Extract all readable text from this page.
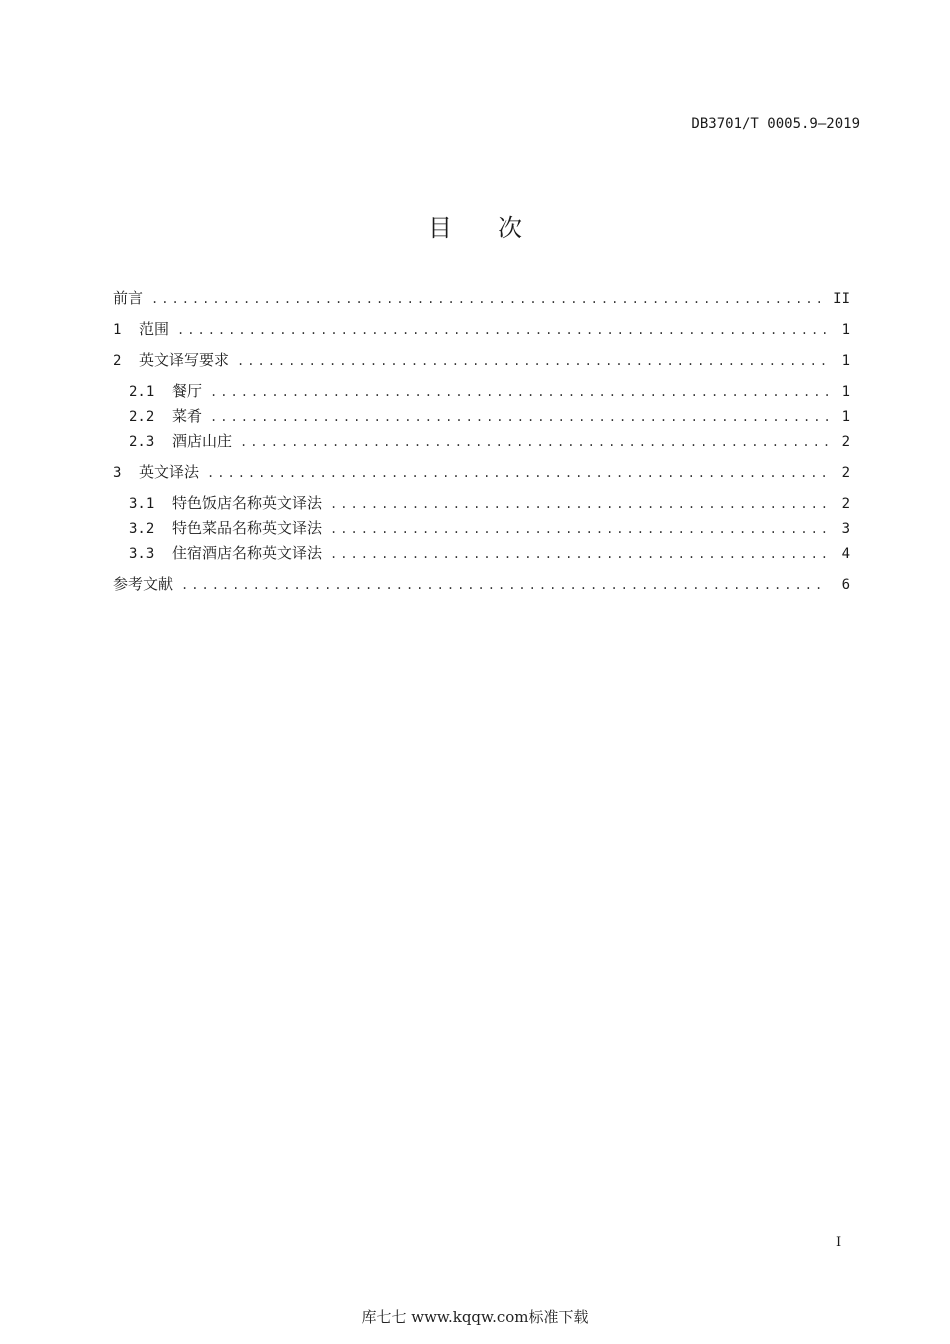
DB3701/T 0005.9—2019
目次
前言 .....	II
1	范围 .....	1
2	英文译写要求 .....	1
2.1	餐厅 .....	1
2.2	菜肴 .....	1
2.3	酒店山庄 .....	2
3	英文译法 .....	2
3.1	特色饭店名称英文译法 .....	2
3.2	特色菜品名称英文译法 .....	3
3.3	住宿酒店名称英文译法 .....	4
参考文献 .....	6
I
库七七 www.kqqw.com标准下载
